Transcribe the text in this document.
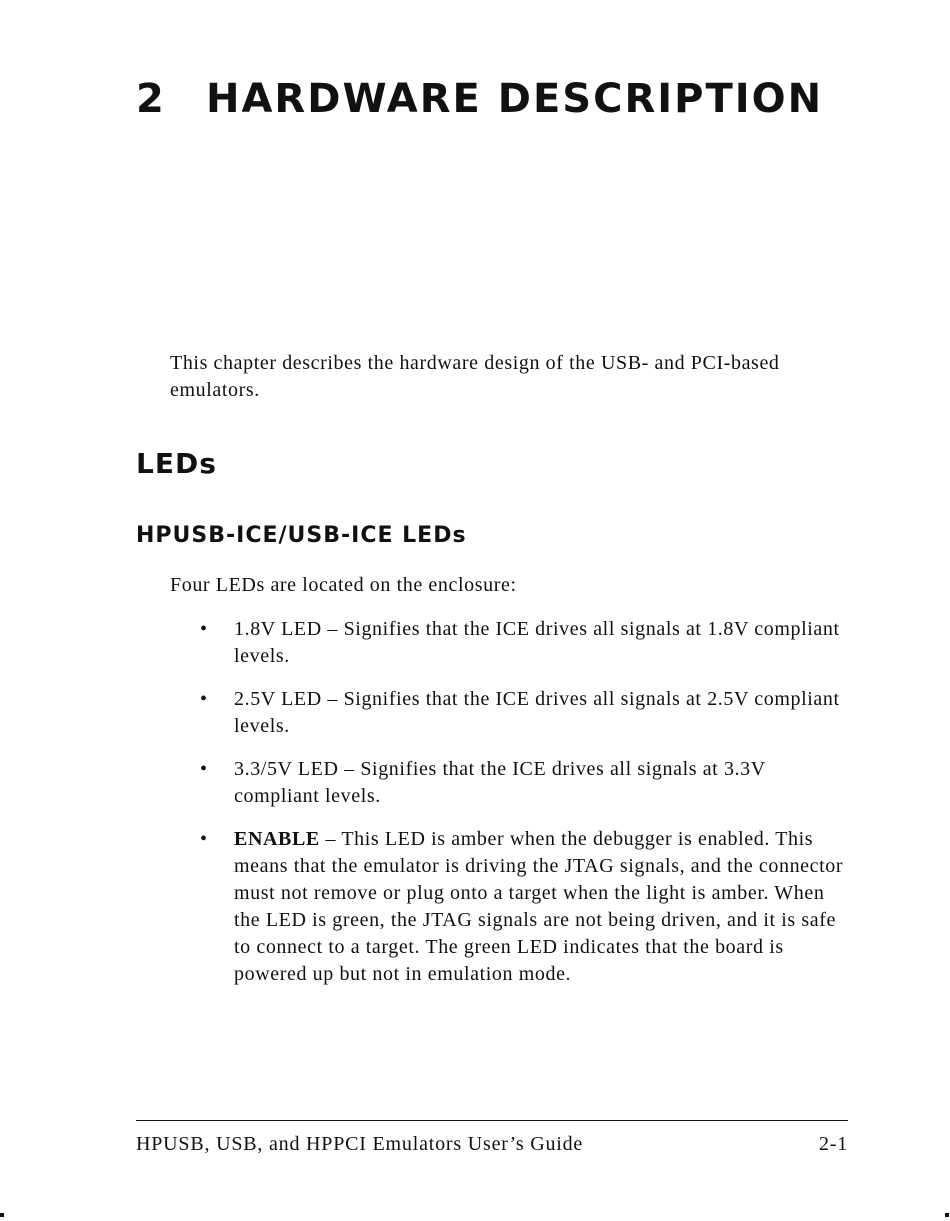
2 HARDWARE DESCRIPTION

This chapter describes the hardware design of the USB- and PCI-based emulators.

LEDs
HPUSB-ICE/USB-ICE LEDs

Four LEDs are located on the enclosure:

• 1.8V LED – Signifies that the ICE drives all signals at 1.8V compliant levels.
• 2.5V LED – Signifies that the ICE drives all signals at 2.5V compliant levels.
• 3.3/5V LED – Signifies that the ICE drives all signals at 3.3V compliant levels.
• ENABLE – This LED is amber when the debugger is enabled. This means that the emulator is driving the JTAG signals, and the connector must not remove or plug onto a target when the light is amber. When the LED is green, the JTAG signals are not being driven, and it is safe to connect to a target. The green LED indicates that the board is powered up but not in emulation mode.

HPUSB, USB, and HPPCI Emulators User’s Guide	2-1
